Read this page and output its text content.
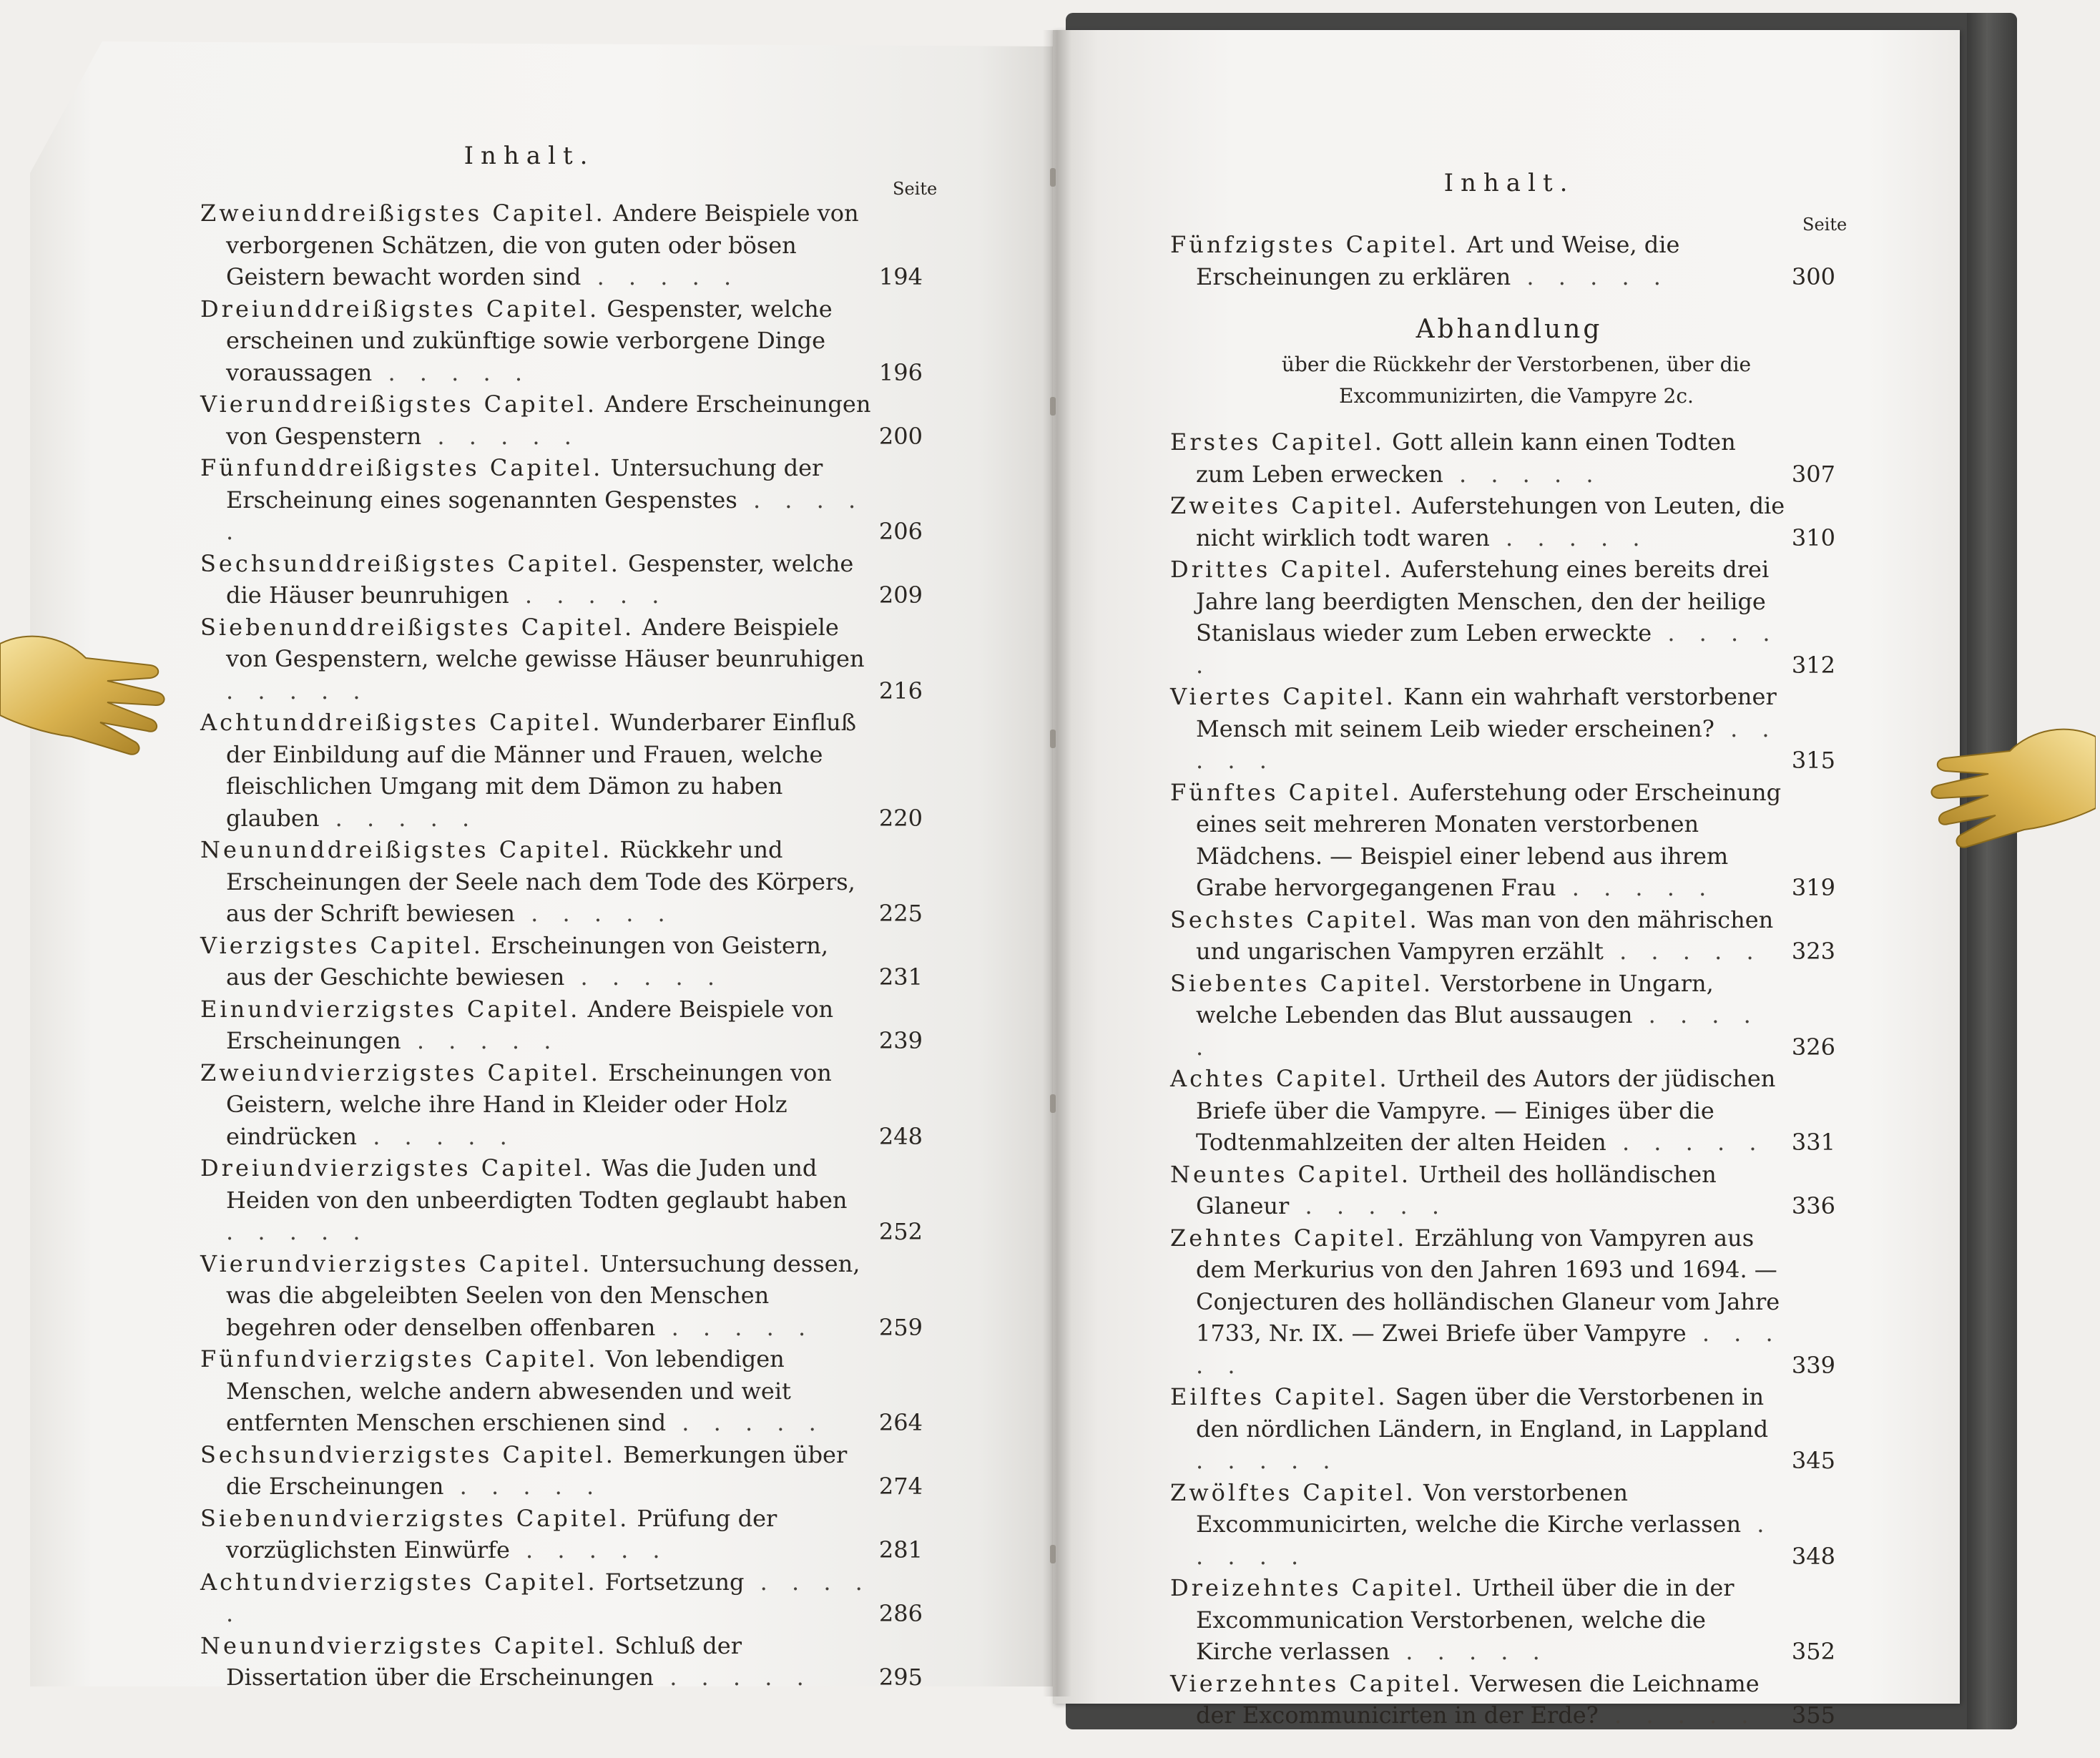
Inhalt.
Seite
Zweiunddreißigstes Capitel. Andere Beispiele von verborgenen Schätzen, die von guten oder bösen Geistern bewacht worden sind . . . . .	194
Dreiunddreißigstes Capitel. Gespenster, welche erscheinen und zukünftige sowie verborgene Dinge voraussagen . . . . .	196
Vierunddreißigstes Capitel. Andere Erscheinungen von Gespenstern . . . . .	200
Fünfunddreißigstes Capitel. Untersuchung der Erscheinung eines sogenannten Gespenstes . . . . .	206
Sechsunddreißigstes Capitel. Gespenster, welche die Häuser beunruhigen . . . . .	209
Siebenunddreißigstes Capitel. Andere Beispiele von Gespenstern, welche gewisse Häuser beunruhigen . . . . .	216
Achtunddreißigstes Capitel. Wunderbarer Einfluß der Einbildung auf die Männer und Frauen, welche fleischlichen Umgang mit dem Dämon zu haben glauben . . . . .	220
Neununddreißigstes Capitel. Rückkehr und Erscheinungen der Seele nach dem Tode des Körpers, aus der Schrift bewiesen . . . . .	225
Vierzigstes Capitel. Erscheinungen von Geistern, aus der Geschichte bewiesen . . . . .	231
Einundvierzigstes Capitel. Andere Beispiele von Erscheinungen . . . . .	239
Zweiundvierzigstes Capitel. Erscheinungen von Geistern, welche ihre Hand in Kleider oder Holz eindrücken . . . . .	248
Dreiundvierzigstes Capitel. Was die Juden und Heiden von den unbeerdigten Todten geglaubt haben . . . . .	252
Vierundvierzigstes Capitel. Untersuchung dessen, was die abgeleibten Seelen von den Menschen begehren oder denselben offenbaren . . . . .	259
Fünfundvierzigstes Capitel. Von lebendigen Menschen, welche andern abwesenden und weit entfernten Menschen erschienen sind . . . . . 264
Sechsundvierzigstes Capitel. Bemerkungen über die Erscheinungen . . . . .	274
Siebenundvierzigstes Capitel. Prüfung der vorzüglichsten Einwürfe . . . . .	281
Achtundvierzigstes Capitel. Fortsetzung . . . . .	286
Neunundvierzigstes Capitel. Schluß der Dissertation über die Erscheinungen . . . . .	295
Inhalt.
Seite
Fünfzigstes Capitel. Art und Weise, die Erscheinungen zu erklären . . . . .	300
Abhandlung
über die Rückkehr der Verstorbenen, über die Excommunizirten, die Vampyre 2c.
Erstes Capitel. Gott allein kann einen Todten zum Leben erwecken . . . . .	307
Zweites Capitel. Auferstehungen von Leuten, die nicht wirklich todt waren . . . . .	310
Drittes Capitel. Auferstehung eines bereits drei Jahre lang beerdigten Menschen, den der heilige Stanislaus wieder zum Leben erweckte . . . . .	312
Viertes Capitel. Kann ein wahrhaft verstorbener Mensch mit seinem Leib wieder erscheinen? . . . . .	315
Fünftes Capitel. Auferstehung oder Erscheinung eines seit mehreren Monaten verstorbenen Mädchens. — Beispiel einer lebend aus ihrem Grabe hervorgegangenen Frau . . . . .	319
Sechstes Capitel. Was man von den mährischen und ungarischen Vampyren erzählt . . . . . 323
Siebentes Capitel. Verstorbene in Ungarn, welche Lebenden das Blut aussaugen . . . . .	326
Achtes Capitel. Urtheil des Autors der jüdischen Briefe über die Vampyre. — Einiges über die Todtenmahlzeiten der alten Heiden . . . . . 331
Neuntes Capitel. Urtheil des holländischen Glaneur . . . . .	336
Zehntes Capitel. Erzählung von Vampyren aus dem Merkurius von den Jahren 1693 und 1694. — Conjecturen des holländischen Glaneur vom Jahre 1733, Nr. IX. — Zwei Briefe über Vampyre . . . . .	339
Eilftes Capitel. Sagen über die Verstorbenen in den nördlichen Ländern, in England, in Lappland . . . . .	345
Zwölftes Capitel. Von verstorbenen Excommunicirten, welche die Kirche verlassen . . . . .	348
Dreizehntes Capitel. Urtheil über die in der Excommunication Verstorbenen, welche die Kirche verlassen . . . . .	352
Vierzehntes Capitel. Verwesen die Leichname der Excommunicirten in der Erde? . . . . . 355
